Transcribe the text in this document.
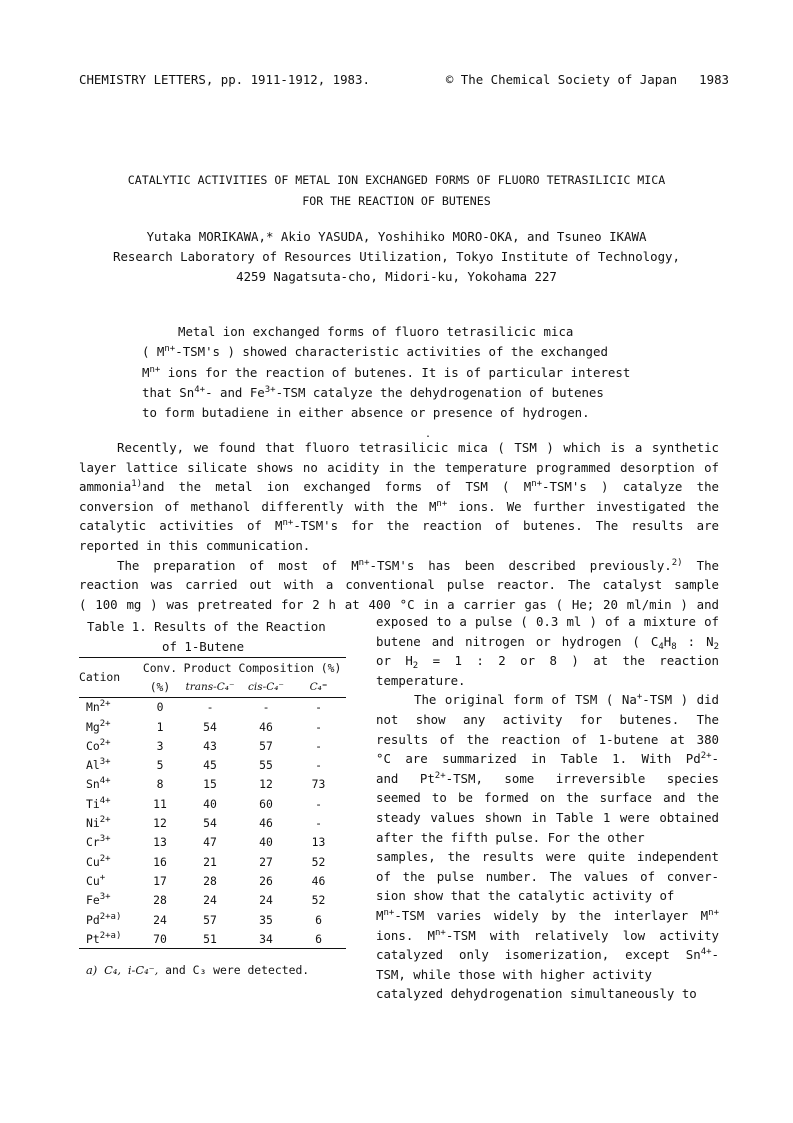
CHEMISTRY LETTERS, pp. 1911-1912, 1983.	© The Chemical Society of Japan 1983
CATALYTIC ACTIVITIES OF METAL ION EXCHANGED FORMS OF FLUORO TETRASILICIC MICA
FOR THE REACTION OF BUTENES
Yutaka MORIKAWA,* Akio YASUDA, Yoshihiko MORO-OKA, and Tsuneo IKAWA
Research Laboratory of Resources Utilization, Tokyo Institute of Technology,
4259 Nagatsuta-cho, Midori-ku, Yokohama 227
Metal ion exchanged forms of fluoro tetrasilicic mica
( $M^{n+}-TSM's$ ) showed characteristic activities of the exchanged
$M^{n+}$ ions for the reaction of butenes. It is of particular interest
that $Sn^{4+}-$ and $Fe^{3+}$-TSM catalyze the dehydrogenation of butenes
to form butadiene in either absence or presence of hydrogen.
.

Recently, we found that fluoro tetrasilicic mica ( TSM ) which is a synthetic

layer lattice silicate shows no acidity in the temperature programmed desorption of

ammonia$^{1)}$and the metal ion exchanged forms of TSM ( $M^{n+}-TSM's$ ) catalyze the

conversion of methanol differently with the $M^{n+}$ ions. We further investigated the

catalytic activities of $M^{n+}-TSM's$ for the reaction of butenes. The results are

reported in this communication.

The preparation of most of $M^{n+}-TSM's$ has been described previously.$^{2)}$ The

reaction was carried out with a conventional pulse reactor. The catalyst sample

( 100 mg ) was pretreated for 2 h at 400 °C in a carrier gas ( He; 20 ml/min ) and

exposed to a pulse ( 0.3 ml ) of a mixture of

butene and nitrogen or hydrogen ( $C_4H_8$ : $N_2$

or $H_2 = 1$ : 2 or 8 ) at the reaction

temperature.

The original form of TSM ( Na+-TSM ) did

not show any activity for butenes. The

results of the reaction of 1-butene at 380

°C are summarized in Table 1. With $Pd^{2+}-$

and $Pt^{2+}$-TSM, some irreversible species

seemed to be formed on the surface and the

steady values shown in Table 1 were obtained

after the fifth pulse. For the other

samples, the results were quite independent

of the pulse number. The values of conver-

sion show that the catalytic activity of

$M^{n+}$-TSM varies widely by the interlayer $M^{n+}$

ions. $M^{n+}$-TSM with relatively low activity

catalyzed only isomerization, except $Sn^{4+}-$

TSM, while those with higher activity

catalyzed dehydrogenation simultaneously to

Table 1. Results of the Reaction
of 1-Butene
Cation	Conv.	Product Composition (%)		
	(%)	trans-C₄⁻	cis-C₄⁻	C₄⁼
$Mn^{2+}$	0	-	-	-
$Mg^{2+}$	1	54	46	-
$Co^{2+}$	3	43	57	-
$Al^{3+}$	5	45	55	-
$Sn^{4+}$	8	15	12	73
$Ti^{4+}$	11	40	60	-
$Ni^{2+}$	12	54	46	-
$Cr^{3+}$	13	47	40	13
$Cu^{2+}$	16	21	27	52
Cu+	17	28	26	46
$Fe^{3+}$	28	24	24	52
$Pd^{2+a)}$	24	57	35	6
$Pt^{2+a)}$	70	51	34	6
a) C₄, i-C₄⁻, and C₃ were detected.
